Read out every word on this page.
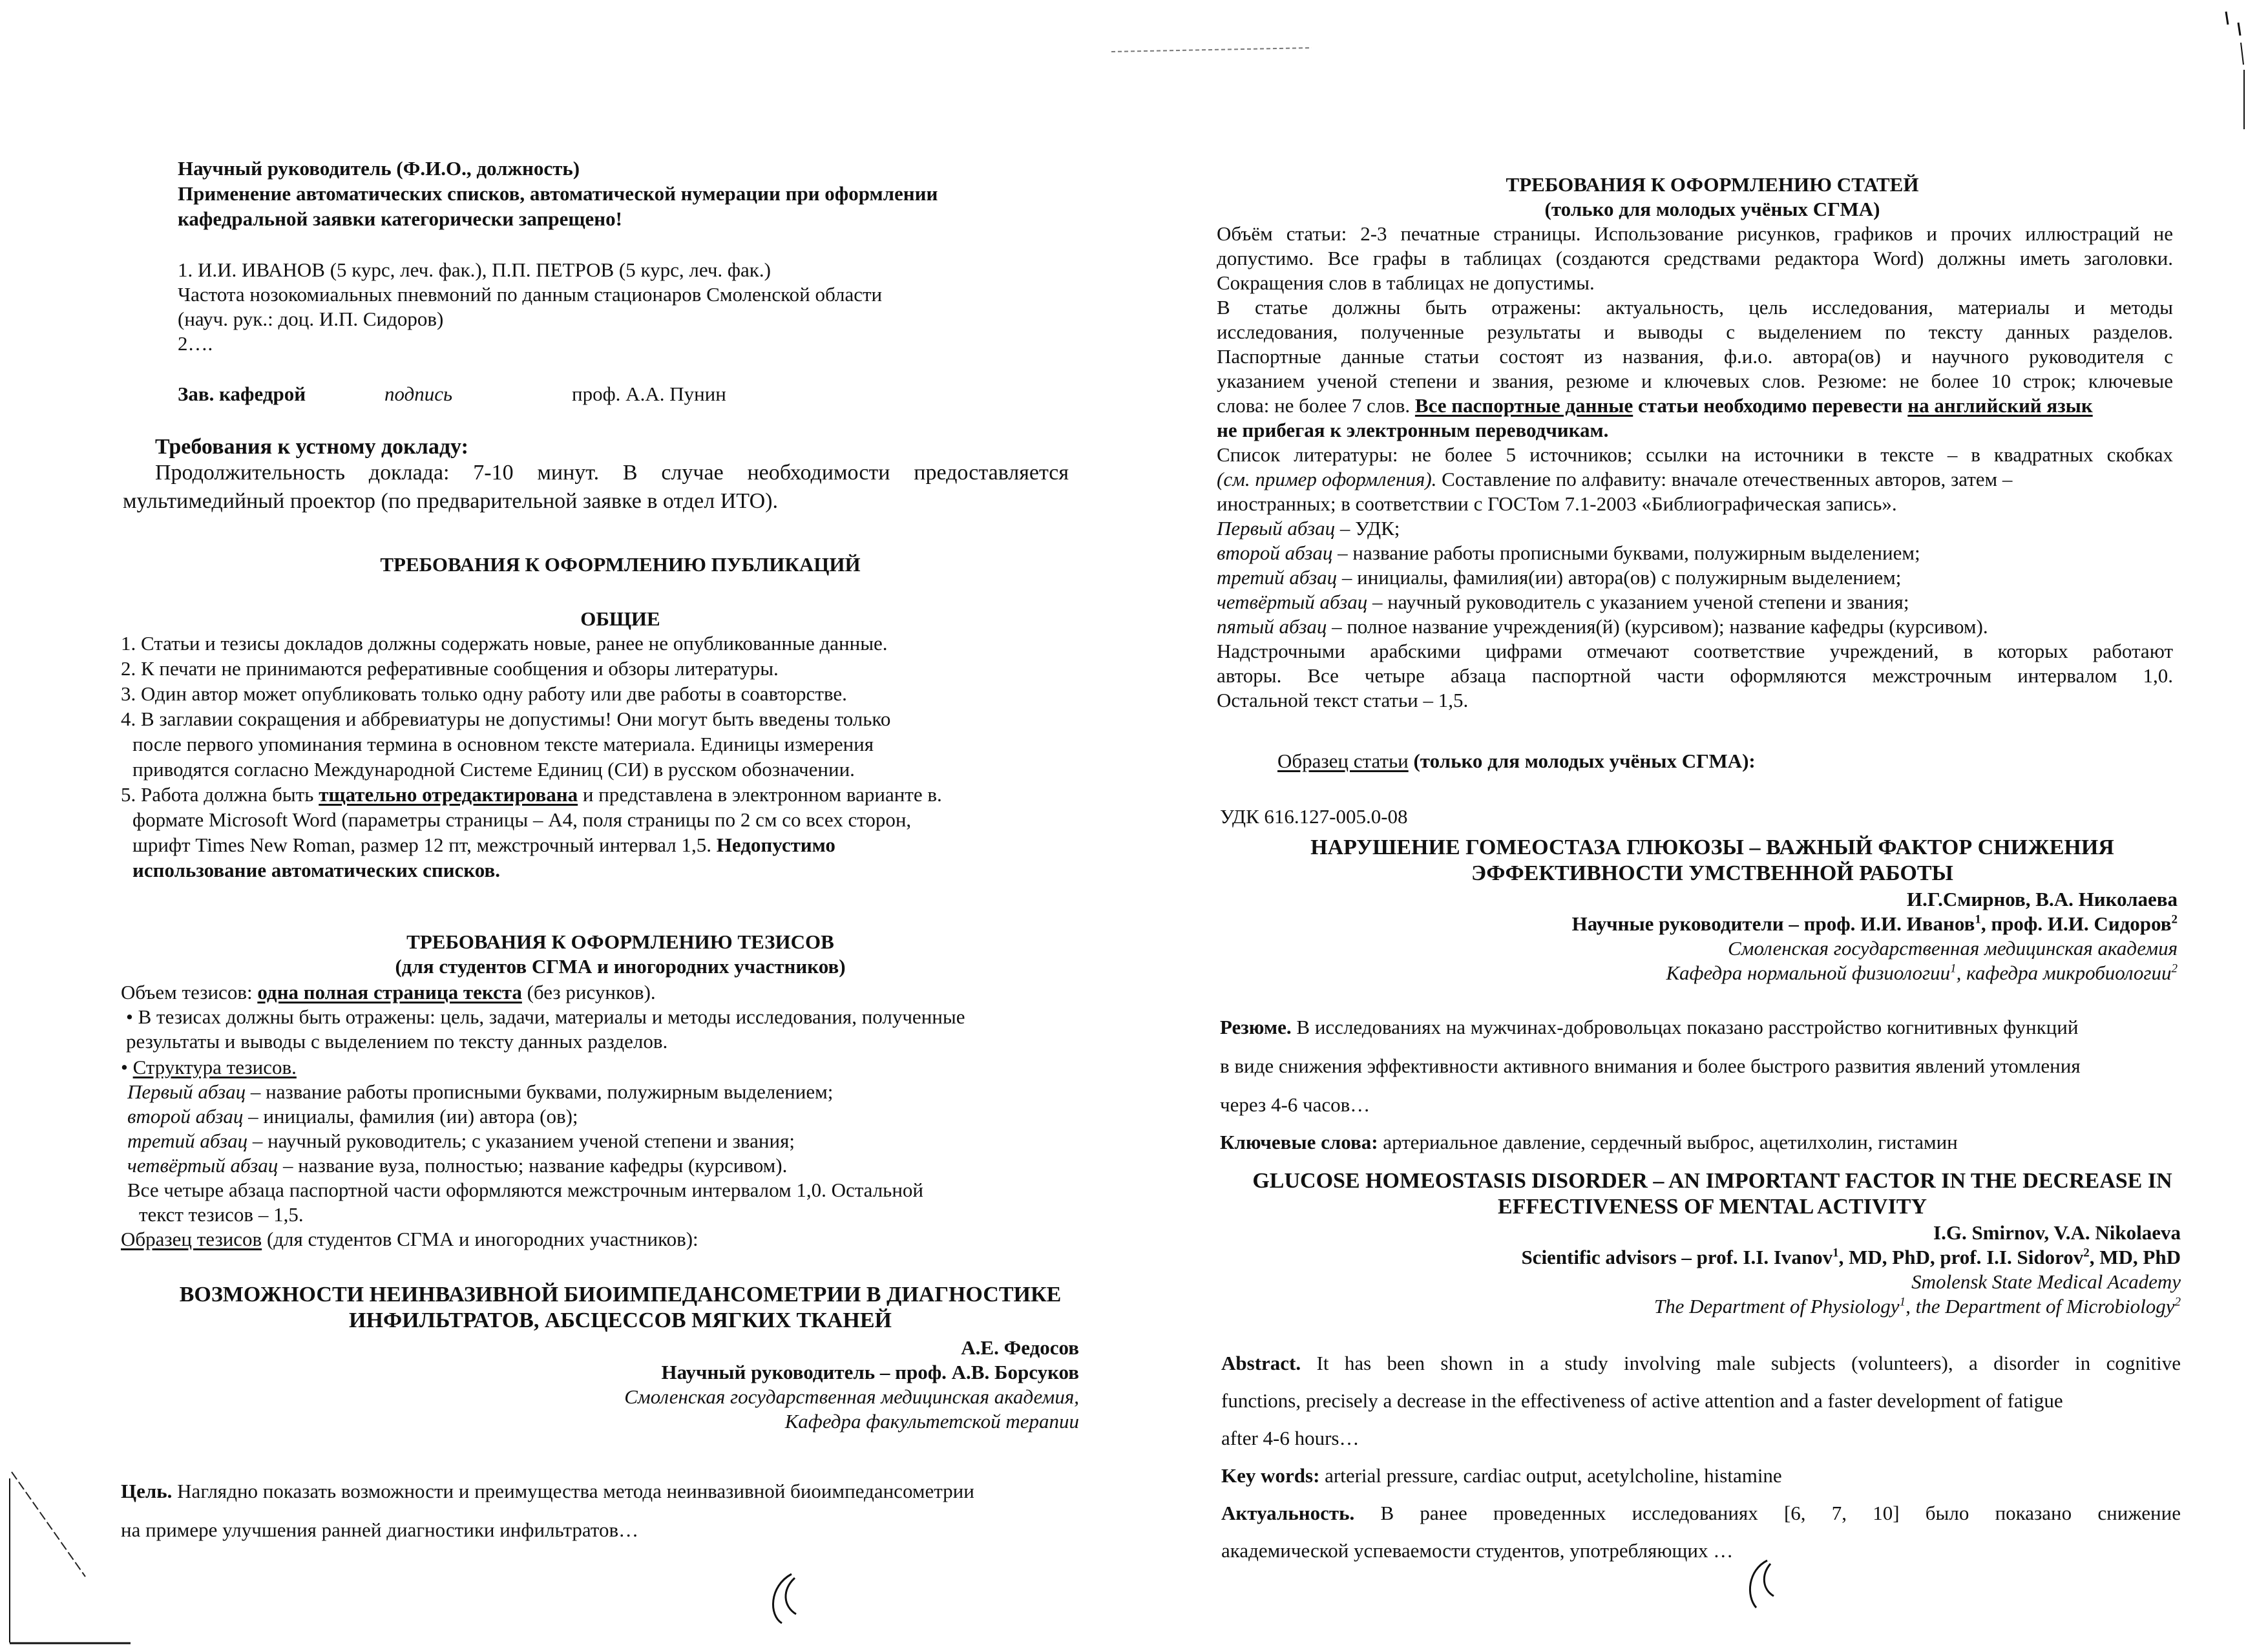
Научный руководитель (Ф.И.О., должность)
Применение автоматических списков, автоматической нумерации при оформлении
кафедральной заявки категорически запрещено!
1. И.И. ИВАНОВ (5 курс, леч. фак.), П.П. ПЕТРОВ (5 курс, леч. фак.)
Частота нозокомиальных пневмоний по данным стационаров Смоленской области
(науч. рук.: доц. И.П. Сидоров)
2….
Зав. кафедрой	подпись	проф. А.А. Пунин
Требования к устному докладу:
Продолжительность доклада: 7-10 минут. В случае необходимости предоставляется
мультимедийный проектор (по предварительной заявке в отдел ИТО).
ТРЕБОВАНИЯ К ОФОРМЛЕНИЮ ПУБЛИКАЦИЙ
ОБЩИЕ
1. Статьи и тезисы докладов должны содержать новые, ранее не опубликованные данные.
2. К печати не принимаются реферативные сообщения и обзоры литературы.
3. Один автор может опубликовать только одну работу или две работы в соавторстве.
4. В заглавии сокращения и аббревиатуры не допустимы! Они могут быть введены только
после первого упоминания термина в основном тексте материала. Единицы измерения
приводятся согласно Международной Системе Единиц (СИ) в русском обозначении.
5. Работа должна быть тщательно отредактирована и представлена в электронном варианте в.
формате Microsoft Word (параметры страницы – А4, поля страницы по 2 см со всех сторон,
шрифт Times New Roman, размер 12 пт, межстрочный интервал 1,5. Недопустимо
использование автоматических списков.
ТРЕБОВАНИЯ К ОФОРМЛЕНИЮ ТЕЗИСОВ
(для студентов СГМА и иногородних участников)
Объем тезисов: одна полная страница текста (без рисунков).
• В тезисах должны быть отражены: цель, задачи, материалы и методы исследования, полученные
результаты и выводы с выделением по тексту данных разделов.
• Структура тезисов.
Первый абзац – название работы прописными буквами, полужирным выделением;
второй абзац – инициалы, фамилия (ии) автора (ов);
третий абзац – научный руководитель; с указанием ученой степени и звания;
четвёртый абзац – название вуза, полностью; название кафедры (курсивом).
Все четыре абзаца паспортной части оформляются межстрочным интервалом 1,0. Остальной
текст тезисов – 1,5.
Образец тезисов (для студентов СГМА и иногородних участников):
ВОЗМОЖНОСТИ НЕИНВАЗИВНОЙ БИОИМПЕДАНСОМЕТРИИ В ДИАГНОСТИКЕ
ИНФИЛЬТРАТОВ, АБСЦЕССОВ МЯГКИХ ТКАНЕЙ
А.Е. Федосов
Научный руководитель – проф. А.В. Борсуков
Смоленская государственная медицинская академия,
Кафедра факультетской терапии
Цель. Наглядно показать возможности и преимущества метода неинвазивной биоимпедансометрии
на примере улучшения ранней диагностики инфильтратов…
ТРЕБОВАНИЯ К ОФОРМЛЕНИЮ СТАТЕЙ
(только для молодых учёных СГМА)
Объём статьи: 2-3 печатные страницы. Использование рисунков, графиков и прочих иллюстраций не
допустимо. Все графы в таблицах (создаются средствами редактора Word) должны иметь заголовки.
Сокращения слов в таблицах не допустимы.
В статье должны быть отражены: актуальность, цель исследования, материалы и методы
исследования, полученные результаты и выводы с выделением по тексту данных разделов.
Паспортные данные статьи состоят из названия, ф.и.о. автора(ов) и научного руководителя с
указанием ученой степени и звания, резюме и ключевых слов. Резюме: не более 10 строк; ключевые
слова: не более 7 слов. Все паспортные данные статьи необходимо перевести на английский язык
не прибегая к электронным переводчикам.
Список литературы: не более 5 источников; ссылки на источники в тексте – в квадратных скобках
(см. пример оформления). Составление по алфавиту: вначале отечественных авторов, затем –
иностранных; в соответствии с ГОСТом 7.1-2003 «Библиографическая запись».
Первый абзац – УДК;
второй абзац – название работы прописными буквами, полужирным выделением;
третий абзац – инициалы, фамилия(ии) автора(ов) с полужирным выделением;
четвёртый абзац – научный руководитель с указанием ученой степени и звания;
пятый абзац – полное название учреждения(й) (курсивом); название кафедры (курсивом).
Надстрочными арабскими цифрами отмечают соответствие учреждений, в которых работают
авторы. Все четыре абзаца паспортной части оформляются межстрочным интервалом 1,0.
Остальной текст статьи – 1,5.
Образец статьи (только для молодых учёных СГМА):
УДК 616.127-005.0-08
НАРУШЕНИЕ ГОМЕОСТАЗА ГЛЮКОЗЫ – ВАЖНЫЙ ФАКТОР СНИЖЕНИЯ
ЭФФЕКТИВНОСТИ УМСТВЕННОЙ РАБОТЫ
И.Г.Смирнов, В.А. Николаева
Научные руководители – проф. И.И. Иванов$^1$, проф. И.И. Сидоров$^2$
Смоленская государственная медицинская академия
Кафедра нормальной физиологии$^1$, кафедра микробиологии$^2$
Резюме. В исследованиях на мужчинах-добровольцах показано расстройство когнитивных функций
в виде снижения эффективности активного внимания и более быстрого развития явлений утомления
через 4-6 часов…
Ключевые слова: артериальное давление, сердечный выброс, ацетилхолин, гистамин
GLUCOSE HOMEOSTASIS DISORDER – AN IMPORTANT FACTOR IN THE DECREASE IN
EFFECTIVENESS OF MENTAL ACTIVITY
I.G. Smirnov, V.A. Nikolaeva
Scientific advisors – prof. I.I. Ivanov$^1$, MD, PhD, prof. I.I. Sidorov$^2$, MD, PhD
Smolensk State Medical Academy
The Department of Physiology$^1$, the Department of Microbiology$^2$
Abstract. It has been shown in a study involving male subjects (volunteers), a disorder in cognitive
functions, precisely a decrease in the effectiveness of active attention and a faster development of fatigue
after 4-6 hours…
Key words: arterial pressure, cardiac output, acetylcholine, histamine
Актуальность. В ранее проведенных исследованиях [6, 7, 10] было показано снижение
академической успеваемости студентов, употребляющих …
